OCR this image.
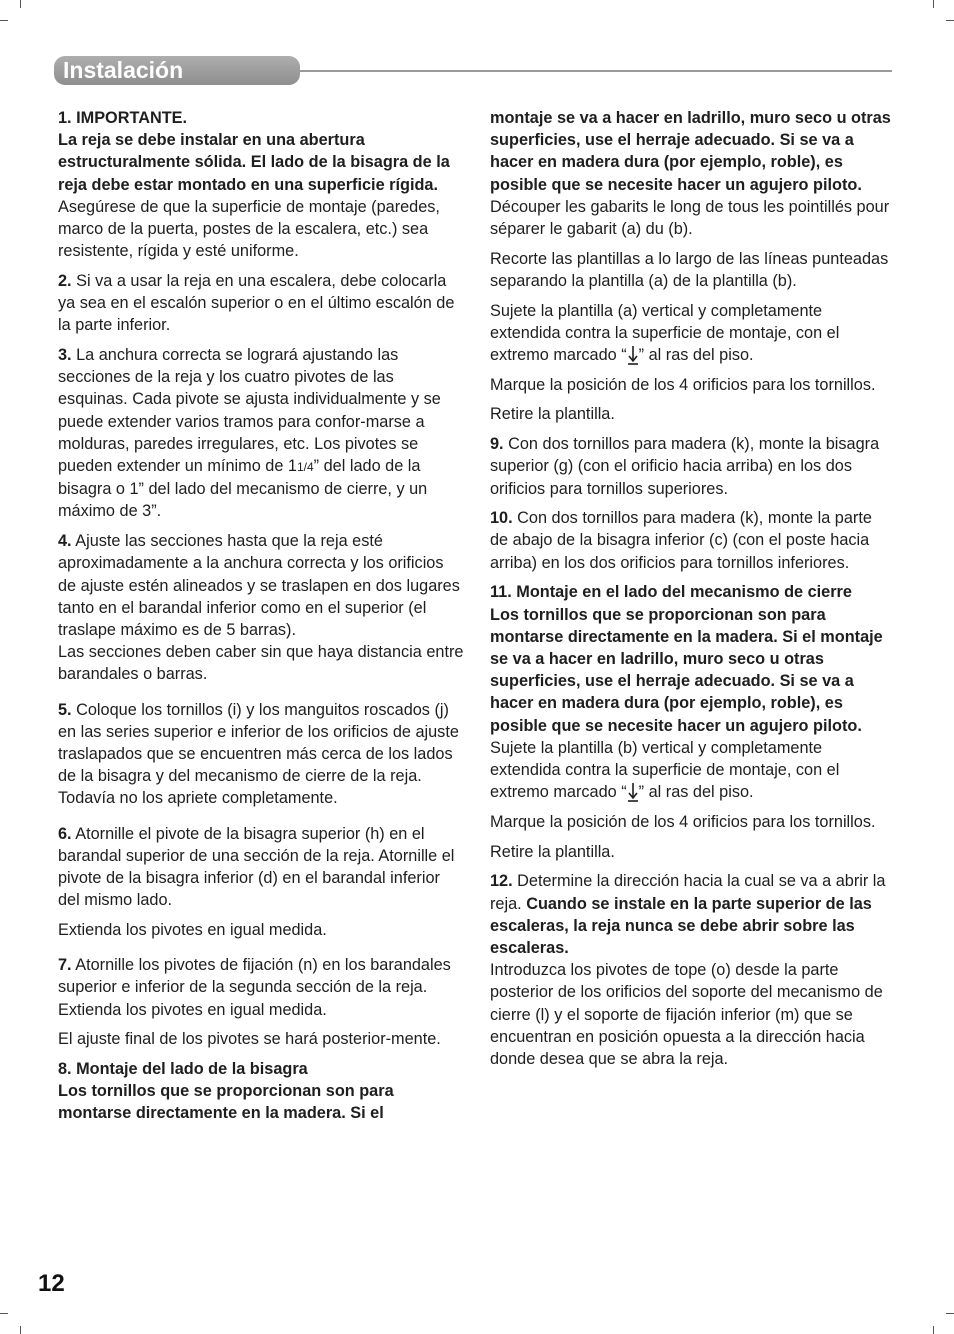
Instalación

1. IMPORTANTE.

La reja se debe instalar en una abertura estructuralmente sólida. El lado de la bisagra de la reja debe estar montado en una superficie rígida.

Asegúrese de que la superficie de montaje (paredes, marco de la puerta, postes de la escalera, etc.) sea resistente, rígida y esté uniforme.

2. Si va a usar la reja en una escalera, debe colocarla ya sea en el escalón superior o en el último escalón de la parte inferior.

3. La anchura correcta se logrará ajustando las secciones de la reja y los cuatro pivotes de las esquinas. Cada pivote se ajusta individualmente y se puede extender varios tramos para confor-marse a molduras, paredes irregulares, etc. Los pivotes se pueden extender un mínimo de 11/4” del lado de la bisagra o 1” del lado del mecanismo de cierre, y un máximo de 3”.

4. Ajuste las secciones hasta que la reja esté aproximadamente a la anchura correcta y los orificios de ajuste estén alineados y se traslapen en dos lugares tanto en el barandal inferior como en el superior (el traslape máximo es de 5 barras).

Las secciones deben caber sin que haya distancia entre barandales o barras.

5. Coloque los tornillos (i) y los manguitos roscados (j) en las series superior e inferior de los orificios de ajuste traslapados que se encuentren más cerca de los lados de la bisagra y del mecanismo de cierre de la reja. Todavía no los apriete completamente.

6. Atornille el pivote de la bisagra superior (h) en el barandal superior de una sección de la reja. Atornille el pivote de la bisagra inferior (d) en el barandal inferior del mismo lado.

Extienda los pivotes en igual medida.

7. Atornille los pivotes de fijación (n) en los barandales superior e inferior de la segunda sección de la reja.

Extienda los pivotes en igual medida.

El ajuste final de los pivotes se hará posterior-mente.

8. Montaje del lado de la bisagra

Los tornillos que se proporcionan son para montarse directamente en la madera. Si el

montaje se va a hacer en ladrillo, muro seco u otras superficies, use el herraje adecuado. Si se va a hacer en madera dura (por ejemplo, roble), es posible que se necesite hacer un agujero piloto.

Découper les gabarits le long de tous les pointillés pour séparer le gabarit (a) du (b).

Recorte las plantillas a lo largo de las líneas punteadas separando la plantilla (a) de la plantilla (b).

Sujete la plantilla (a) vertical y completamente extendida contra la superficie de montaje, con el extremo marcado “ ” al ras del piso.

Marque la posición de los 4 orificios para los tornillos.

Retire la plantilla.

9. Con dos tornillos para madera (k), monte la bisagra superior (g) (con el orificio hacia arriba) en los dos orificios para tornillos superiores.

10. Con dos tornillos para madera (k), monte la parte de abajo de la bisagra inferior (c) (con el poste hacia arriba) en los dos orificios para tornillos inferiores.

11. Montaje en el lado del mecanismo de cierre

Los tornillos que se proporcionan son para montarse directamente en la madera. Si el montaje se va a hacer en ladrillo, muro seco u otras superficies, use el herraje adecuado. Si se va a hacer en madera dura (por ejemplo, roble), es posible que se necesite hacer un agujero piloto.

Sujete la plantilla (b) vertical y completamente extendida contra la superficie de montaje, con el extremo marcado “ ” al ras del piso.

Marque la posición de los 4 orificios para los tornillos.

Retire la plantilla.

12. Determine la dirección hacia la cual se va a abrir la reja. Cuando se instale en la parte superior de las escaleras, la reja nunca se debe abrir sobre las escaleras.

Introduzca los pivotes de tope (o) desde la parte posterior de los orificios del soporte del mecanismo de cierre (l) y el soporte de fijación inferior (m) que se encuentran en posición opuesta a la dirección hacia donde desea que se abra la reja.

12
